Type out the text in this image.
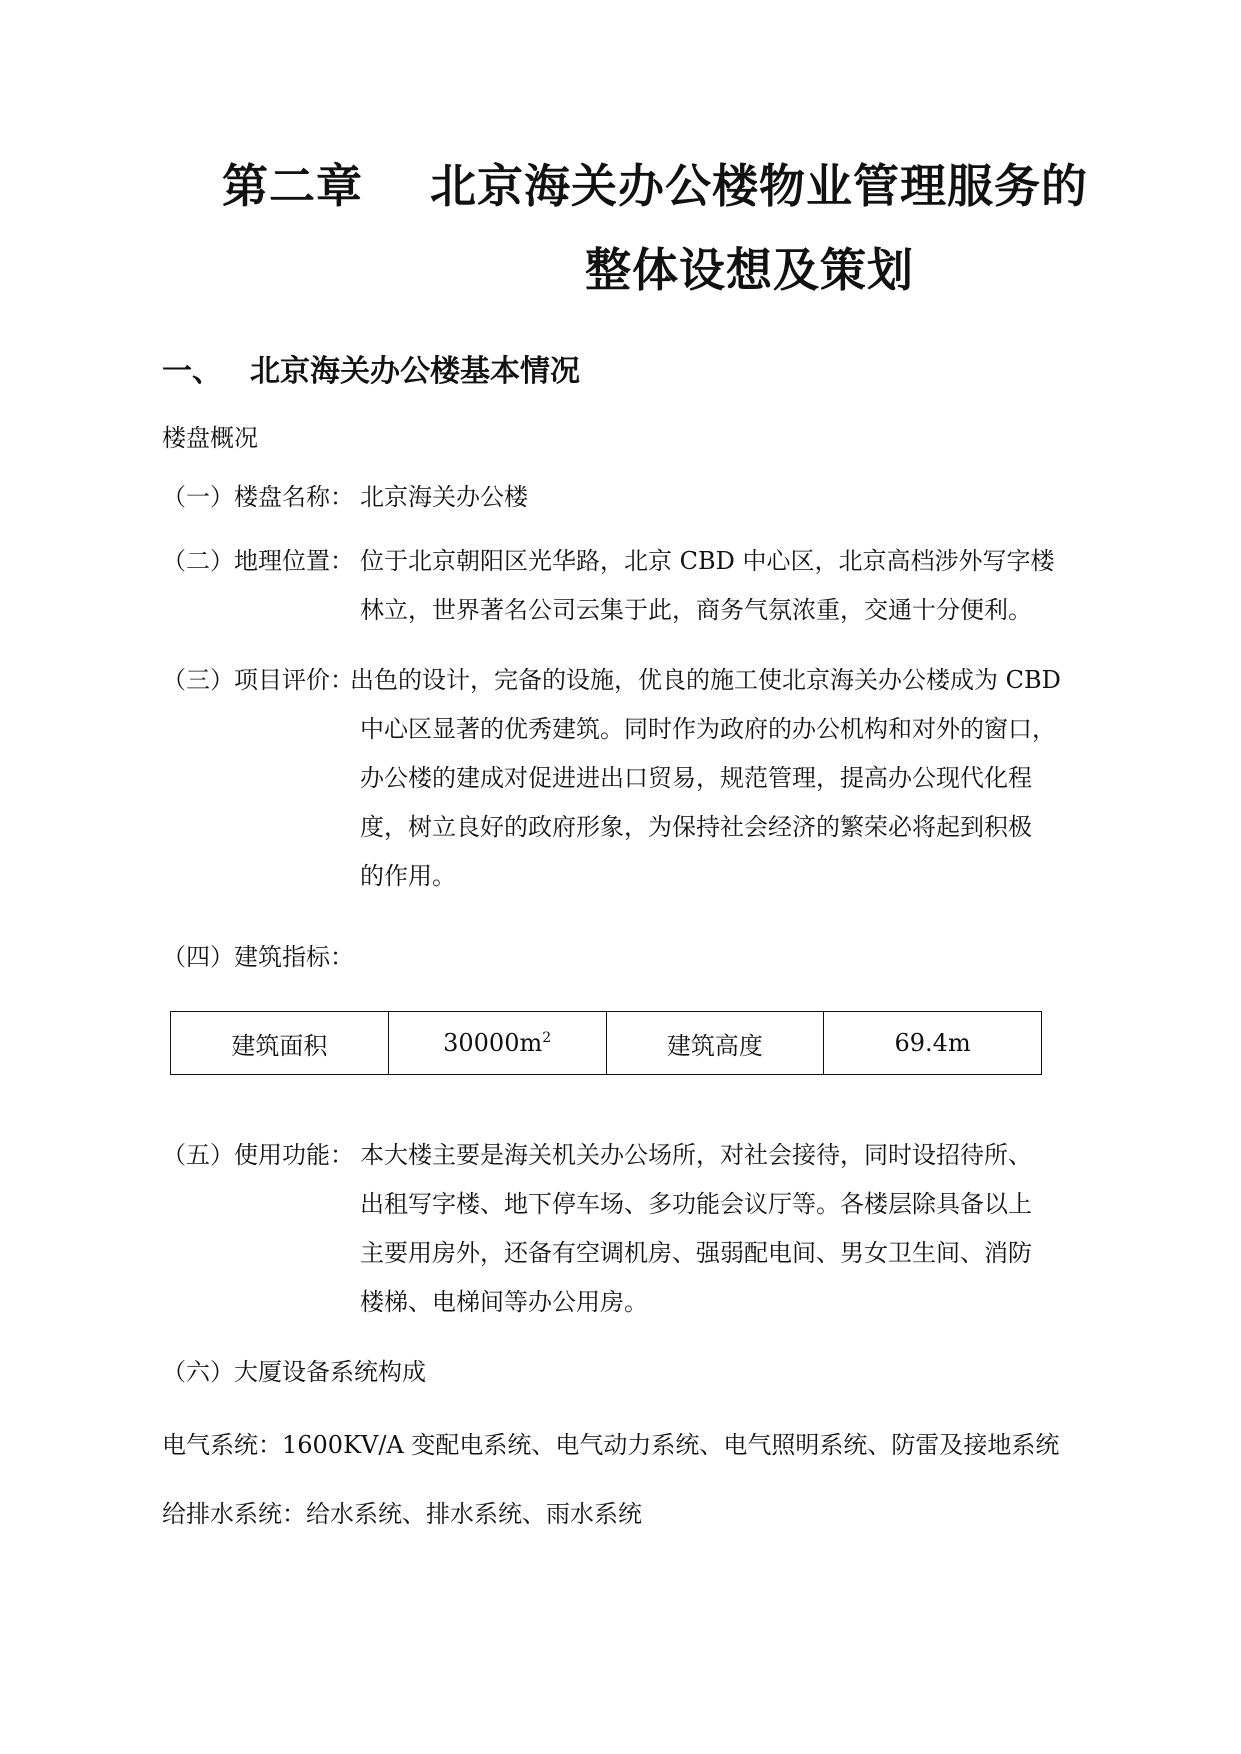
第二章 北京海关办公楼物业管理服务的
整体设想及策划
一、 北京海关办公楼基本情况
楼盘概况
（一）楼盘名称： 北京海关办公楼
（二）地理位置： 位于北京朝阳区光华路，北京 CBD 中心区，北京高档涉外写字楼
林立，世界著名公司云集于此，商务气氛浓重，交通十分便利。
（三）项目评价：
出色的设计，完备的设施，优良的施工使北京海关办公楼成为 CBD
中心区显著的优秀建筑。同时作为政府的办公机构和对外的窗口，
办公楼的建成对促进进出口贸易，规范管理，提高办公现代化程
度，树立良好的政府形象，为保持社会经济的繁荣必将起到积极
的作用。
（四）建筑指标：
建筑面积	$30000m^2$	建筑高度	69.4m
（五）使用功能： 本大楼主要是海关机关办公场所，对社会接待，同时设招待所、
出租写字楼、地下停车场、多功能会议厅等。各楼层除具备以上
主要用房外，还备有空调机房、强弱配电间、男女卫生间、消防
楼梯、电梯间等办公用房。
（六）大厦设备系统构成
电气系统：1600KV/A 变配电系统、电气动力系统、电气照明系统、防雷及接地系统
给排水系统：给水系统、排水系统、雨水系统
